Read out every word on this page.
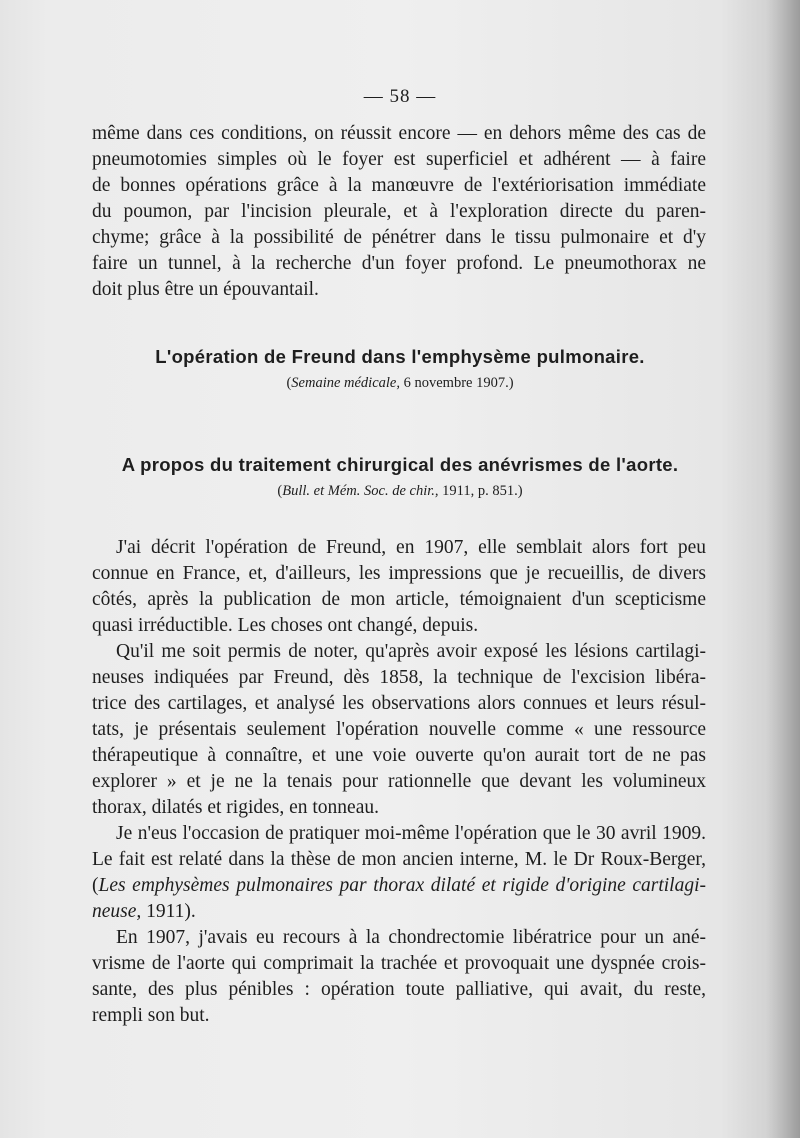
— 58 —

même dans ces conditions, on réussit encore — en dehors même des cas de

pneumotomies simples où le foyer est superficiel et adhérent — à faire

de bonnes opérations grâce à la manœuvre de l'extériorisation immédiate

du poumon, par l'incision pleurale, et à l'exploration directe du paren-

chyme; grâce à la possibilité de pénétrer dans le tissu pulmonaire et d'y

faire un tunnel, à la recherche d'un foyer profond. Le pneumothorax ne

doit plus être un épouvantail.

L'opération de Freund dans l'emphysème pulmonaire.
(Semaine médicale, 6 novembre 1907.)
A propos du traitement chirurgical des anévrismes de l'aorte.
(Bull. et Mém. Soc. de chir., 1911, p. 851.)

J'ai décrit l'opération de Freund, en 1907, elle semblait alors fort peu

connue en France, et, d'ailleurs, les impressions que je recueillis, de divers

côtés, après la publication de mon article, témoignaient d'un scepticisme

quasi irréductible. Les choses ont changé, depuis.

Qu'il me soit permis de noter, qu'après avoir exposé les lésions cartilagi-

neuses indiquées par Freund, dès 1858, la technique de l'excision libéra-

trice des cartilages, et analysé les observations alors connues et leurs résul-

tats, je présentais seulement l'opération nouvelle comme « une ressource

thérapeutique à connaître, et une voie ouverte qu'on aurait tort de ne pas

explorer » et je ne la tenais pour rationnelle que devant les volumineux

thorax, dilatés et rigides, en tonneau.

Je n'eus l'occasion de pratiquer moi-même l'opération que le 30 avril 1909.

Le fait est relaté dans la thèse de mon ancien interne, M. le Dr Roux-Berger,

(Les emphysèmes pulmonaires par thorax dilaté et rigide d'origine cartilagi-

neuse, 1911).

En 1907, j'avais eu recours à la chondrectomie libératrice pour un ané-

vrisme de l'aorte qui comprimait la trachée et provoquait une dyspnée crois-

sante, des plus pénibles : opération toute palliative, qui avait, du reste,

rempli son but.
